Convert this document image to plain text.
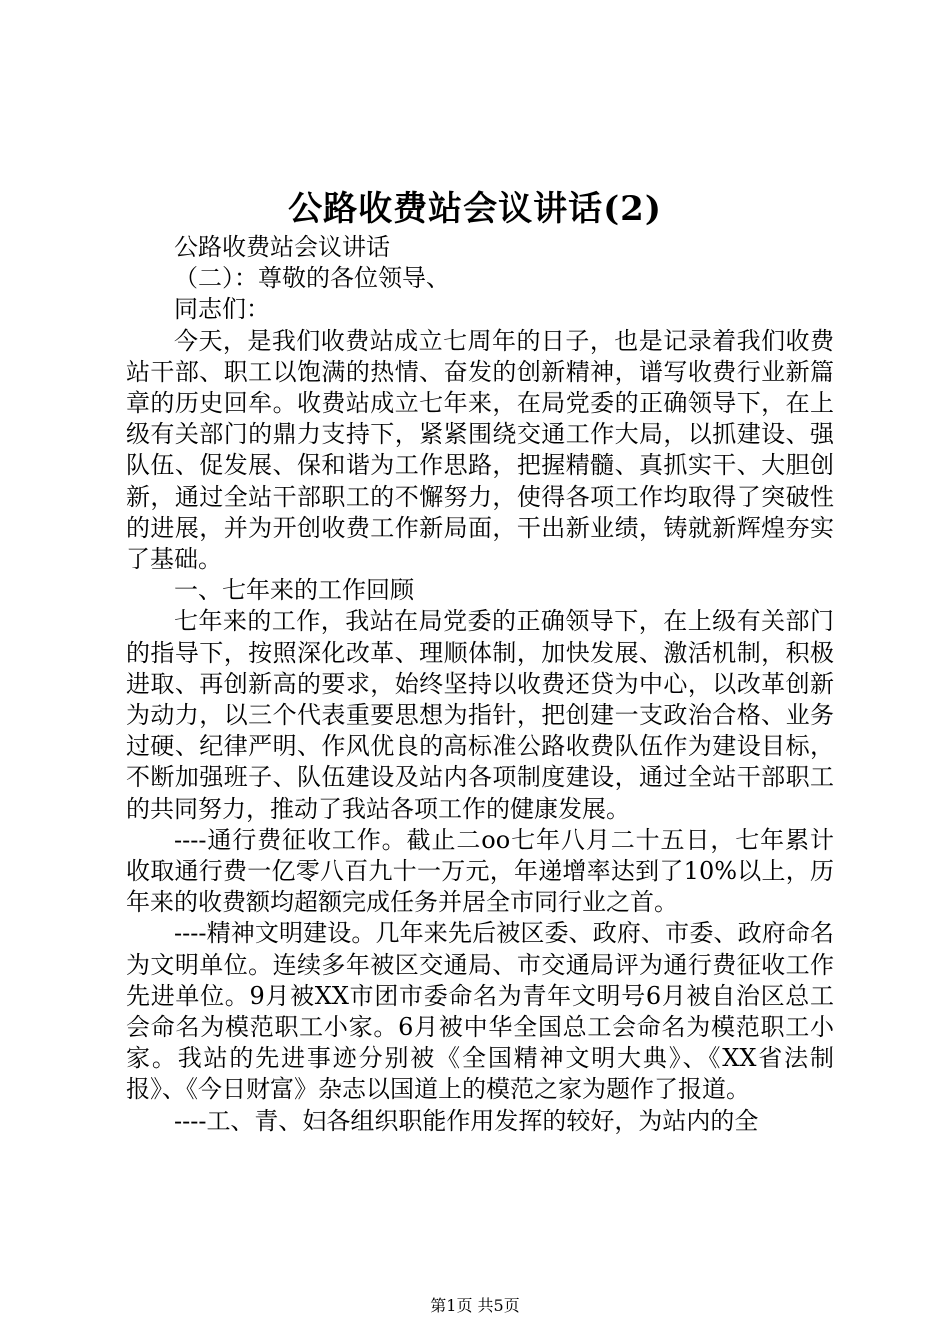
公路收费站会议讲话(2)

公路收费站会议讲话

（二）：尊敬的各位领导、

同志们：

今天，是我们收费站成立七周年的日子，也是记录着我们收费站干部、职工以饱满的热情、奋发的创新精神，谱写收费行业新篇章的历史回牟。收费站成立七年来，在局党委的正确领导下，在上级有关部门的鼎力支持下，紧紧围绕交通工作大局，以抓建设、强队伍、促发展、保和谐为工作思路，把握精髓、真抓实干、大胆创新，通过全站干部职工的不懈努力，使得各项工作均取得了突破性的进展，并为开创收费工作新局面，干出新业绩，铸就新辉煌夯实了基础。

一、七年来的工作回顾

七年来的工作，我站在局党委的正确领导下，在上级有关部门的指导下，按照深化改革、理顺体制，加快发展、激活机制，积极进取、再创新高的要求，始终坚持以收费还贷为中心，以改革创新为动力，以三个代表重要思想为指针，把创建一支政治合格、业务过硬、纪律严明、作风优良的高标准公路收费队伍作为建设目标，不断加强班子、队伍建设及站内各项制度建设，通过全站干部职工的共同努力，推动了我站各项工作的健康发展。

----通行费征收工作。截止二oo七年八月二十五日，七年累计收取通行费一亿零八百九十一万元，年递增率达到了10%以上，历年来的收费额均超额完成任务并居全市同行业之首。

----精神文明建设。几年来先后被区委、政府、市委、政府命名为文明单位。连续多年被区交通局、市交通局评为通行费征收工作先进单位。9月被XX市团市委命名为青年文明号6月被自治区总工会命名为模范职工小家。6月被中华全国总工会命名为模范职工小家。我站的先进事迹分别被《全国精神文明大典》、《XX省法制报》、《今日财富》杂志以国道上的模范之家为题作了报道。

----工、青、妇各组织职能作用发挥的较好，为站内的全

第1页 共5页
